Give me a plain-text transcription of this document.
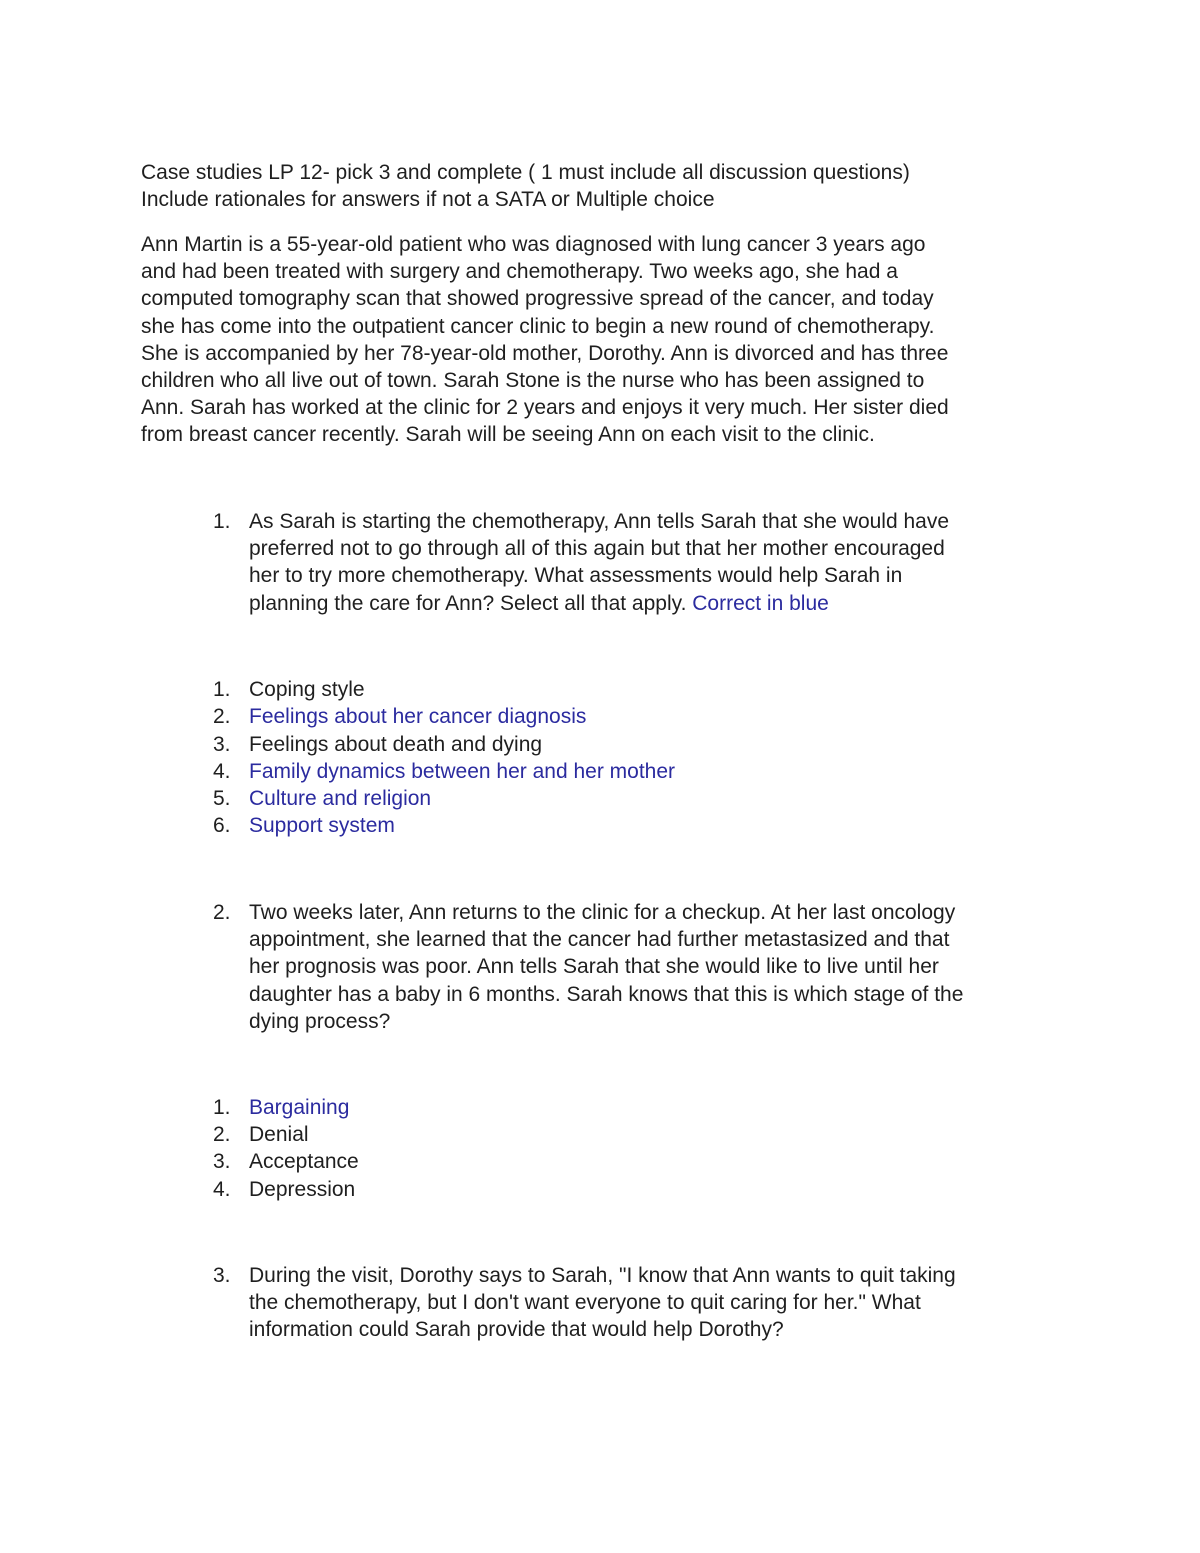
Case studies LP 12- pick 3 and complete ( 1 must include all discussion questions)

Include rationales for answers if not a SATA or Multiple choice

Ann Martin is a 55-year-old patient who was diagnosed with lung cancer 3 years ago

and had been treated with surgery and chemotherapy. Two weeks ago, she had a

computed tomography scan that showed progressive spread of the cancer, and today

she has come into the outpatient cancer clinic to begin a new round of chemotherapy.

She is accompanied by her 78-year-old mother, Dorothy. Ann is divorced and has three

children who all live out of town. Sarah Stone is the nurse who has been assigned to

Ann. Sarah has worked at the clinic for 2 years and enjoys it very much. Her sister died

from breast cancer recently. Sarah will be seeing Ann on each visit to the clinic.

1. As Sarah is starting the chemotherapy, Ann tells Sarah that she would have

preferred not to go through all of this again but that her mother encouraged

her to try more chemotherapy. What assessments would help Sarah in

planning the care for Ann? Select all that apply. Correct in blue

1. Coping style
2. Feelings about her cancer diagnosis
3. Feelings about death and dying
4. Family dynamics between her and her mother
5. Culture and religion
6. Support system
2. Two weeks later, Ann returns to the clinic for a checkup. At her last oncology

appointment, she learned that the cancer had further metastasized and that

her prognosis was poor. Ann tells Sarah that she would like to live until her

daughter has a baby in 6 months. Sarah knows that this is which stage of the

dying process?

1. Bargaining
2. Denial
3. Acceptance
4. Depression
3. During the visit, Dorothy says to Sarah, "I know that Ann wants to quit taking

the chemotherapy, but I don't want everyone to quit caring for her." What

information could Sarah provide that would help Dorothy?
